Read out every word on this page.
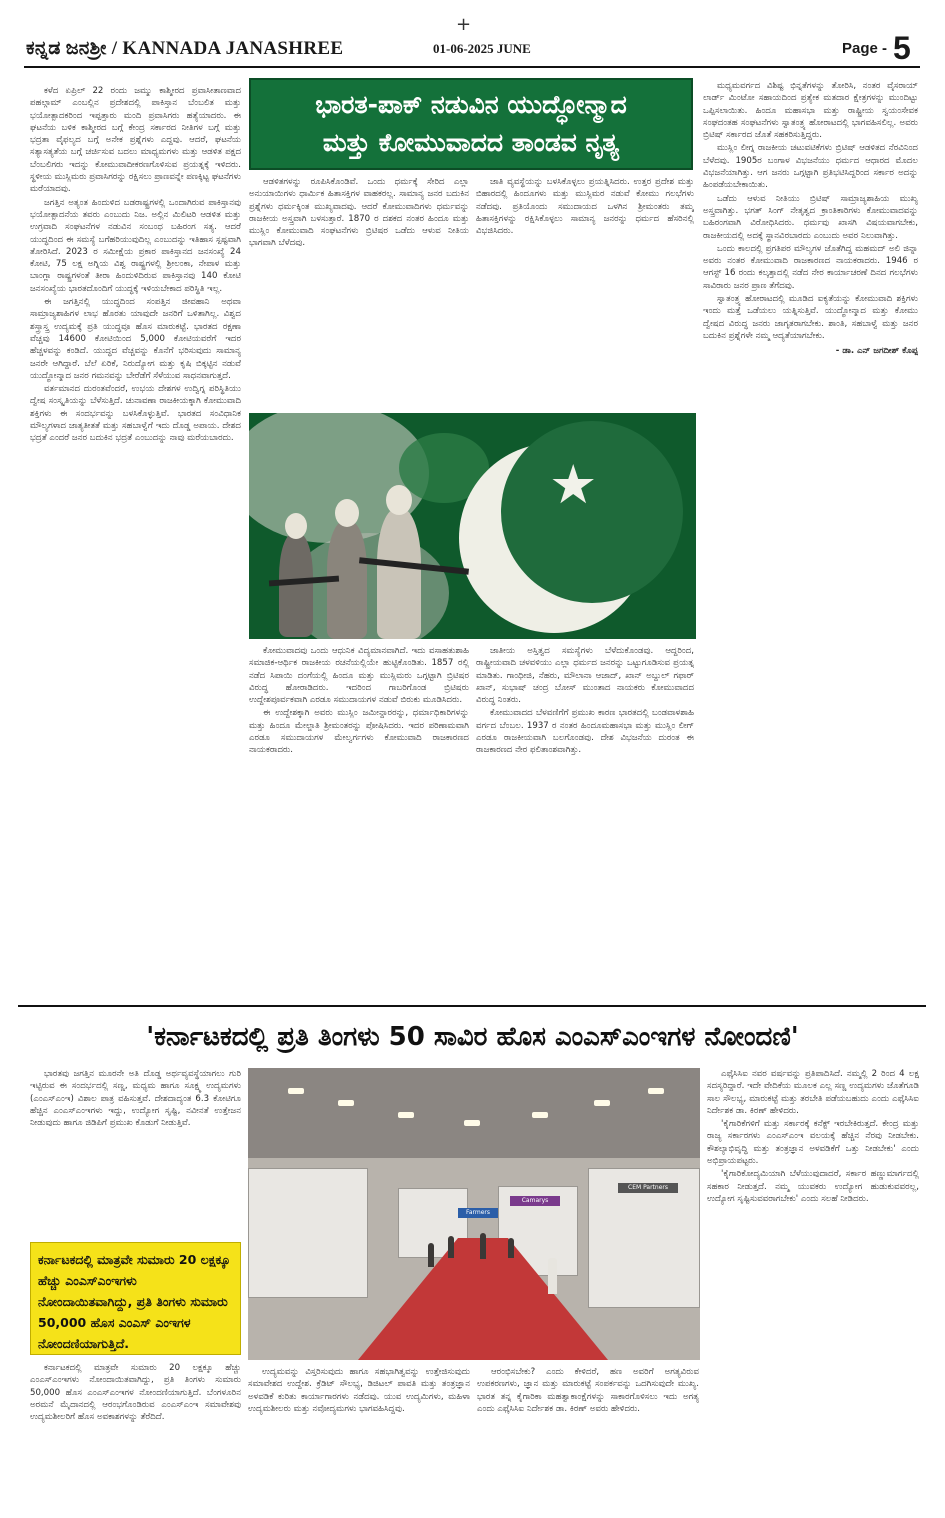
+
ಕನ್ನಡ ಜನಶ್ರೀ / KANNADA JANASHREE	01-06-2025 JUNE	Page - 5
ಭಾರತ-ಪಾಕ್ ನಡುವಿನ ಯುದ್ಧೋನ್ಮಾದ
ಮತ್ತು ಕೋಮುವಾದದ ತಾಂಡವ ನೃತ್ಯ

ಕಳೆದ ಏಪ್ರಿಲ್ 22 ರಂದು ಜಮ್ಮು ಕಾಶ್ಮೀರದ ಪ್ರವಾಸೀತಾಣವಾದ ಪಹಲ್ಗಾಮ್ ಎಂಬಲ್ಲಿನ ಪ್ರದೇಶದಲ್ಲಿ ಪಾಕಿಸ್ತಾನ ಬೆಂಬಲಿತ ಮತ್ತು ಭಯೋತ್ಪಾದಕರಿಂದ ಇಪ್ಪತ್ತಾರು ಮಂದಿ ಪ್ರವಾಸಿಗರು ಹತ್ಯೆಯಾದರು. ಈ ಘಟನೆಯ ಬಳಿಕ ಕಾಶ್ಮೀರದ ಬಗ್ಗೆ ಕೇಂದ್ರ ಸರ್ಕಾರದ ನೀತಿಗಳ ಬಗ್ಗೆ ಮತ್ತು ಭದ್ರತಾ ವೈಫಲ್ಯದ ಬಗ್ಗೆ ಅನೇಕ ಪ್ರಶ್ನೆಗಳು ಎದ್ದವು. ಆದರೆ, ಘಟನೆಯ ಸತ್ಯಾಸತ್ಯತೆಯ ಬಗ್ಗೆ ಚರ್ಚಿಸುವ ಬದಲು ಮಾಧ್ಯಮಗಳು ಮತ್ತು ಆಡಳಿತ ಪಕ್ಷದ ಬೆಂಬಲಿಗರು ಇದನ್ನು ಕೋಮುವಾದೀಕರಣಗೊಳಿಸುವ ಪ್ರಯತ್ನಕ್ಕೆ ಇಳಿದರು. ಸ್ಥಳೀಯ ಮುಸ್ಲಿಮರು ಪ್ರವಾಸಿಗರನ್ನು ರಕ್ಷಿಸಲು ಪ್ರಾಣವನ್ನೇ ಪಣಕ್ಕಿಟ್ಟ ಘಟನೆಗಳು ಮರೆಯಾದವು.

ಜಗತ್ತಿನ ಅತ್ಯಂತ ಹಿಂದುಳಿದ ಬಡರಾಷ್ಟ್ರಗಳಲ್ಲಿ ಒಂದಾಗಿರುವ ಪಾಕಿಸ್ತಾನವು ಭಯೋತ್ಪಾದನೆಯ ತವರು ಎಂಬುದು ನಿಜ. ಅಲ್ಲಿನ ಮಿಲಿಟರಿ ಆಡಳಿತ ಮತ್ತು ಉಗ್ರವಾದಿ ಸಂಘಟನೆಗಳ ನಡುವಿನ ಸಂಬಂಧ ಬಹಿರಂಗ ಸತ್ಯ. ಆದರೆ ಯುದ್ಧದಿಂದ ಈ ಸಮಸ್ಯೆ ಬಗೆಹರಿಯುವುದಿಲ್ಲ ಎಂಬುದನ್ನು ಇತಿಹಾಸ ಸ್ಪಷ್ಟವಾಗಿ ತೋರಿಸಿದೆ. 2023 ರ ಸಮೀಕ್ಷೆಯ ಪ್ರಕಾರ ಪಾಕಿಸ್ತಾನದ ಜನಸಂಖ್ಯೆ 24 ಕೋಟಿ, 75 ಲಕ್ಷ ಅಗ್ನಿಯ ವಿಶ್ವ ರಾಷ್ಟ್ರಗಳಲ್ಲಿ ಶ್ರೀಲಂಕಾ, ನೇಪಾಳ ಮತ್ತು ಬಾಂಗ್ಲಾ ರಾಷ್ಟ್ರಗಳಂತೆ ತೀರಾ ಹಿಂದುಳಿದಿರುವ ಪಾಕಿಸ್ತಾನವು 140 ಕೋಟಿ ಜನಸಂಖ್ಯೆಯ ಭಾರತದೊಂದಿಗೆ ಯುದ್ಧಕ್ಕೆ ಇಳಿಯಬೇಕಾದ ಪರಿಸ್ಥಿತಿ ಇಲ್ಲ.

ಈ ಜಗತ್ತಿನಲ್ಲಿ ಯುದ್ಧದಿಂದ ಸಂಪತ್ತಿನ ಜೀವಹಾನಿ ಅಥವಾ ಸಾಮ್ರಾಜ್ಯಶಾಹಿಗಳ ಲಾಭ ಹೊರತು ಯಾವುದೇ ಜನರಿಗೆ ಒಳಿತಾಗಿಲ್ಲ. ವಿಶ್ವದ ಶಸ್ತ್ರಾಸ್ತ್ರ ಉದ್ಯಮಕ್ಕೆ ಪ್ರತಿ ಯುದ್ಧವೂ ಹೊಸ ಮಾರುಕಟ್ಟೆ. ಭಾರತದ ರಕ್ಷಣಾ ವೆಚ್ಚವು 14600 ಕೋಟಿಯಿಂದ 5,000 ಕೋಟಿಯವರೆಗೆ ಇದರ ಹೆಚ್ಚಳವನ್ನು ಕಂಡಿದೆ. ಯುದ್ಧದ ವೆಚ್ಚವನ್ನು ಕೊನೆಗೆ ಭರಿಸುವುದು ಸಾಮಾನ್ಯ ಜನರೇ ಆಗಿದ್ದಾರೆ. ಬೆಲೆ ಏರಿಕೆ, ನಿರುದ್ಯೋಗ ಮತ್ತು ಕೃಷಿ ಬಿಕ್ಕಟ್ಟಿನ ನಡುವೆ ಯುದ್ಧೋನ್ಮಾದ ಜನರ ಗಮನವನ್ನು ಬೇರೆಡೆಗೆ ಸೆಳೆಯುವ ಸಾಧನವಾಗುತ್ತದೆ.

ವರ್ತಮಾನದ ದುರಂತವೆಂದರೆ, ಉಭಯ ದೇಶಗಳ ಉದ್ವಿಗ್ನ ಪರಿಸ್ಥಿತಿಯು ದ್ವೇಷ ಸಂಸ್ಕೃತಿಯನ್ನು ಬೆಳೆಸುತ್ತಿದೆ. ಚುನಾವಣಾ ರಾಜಕೀಯಕ್ಕಾಗಿ ಕೋಮುವಾದಿ ಶಕ್ತಿಗಳು ಈ ಸಂದರ್ಭವನ್ನು ಬಳಸಿಕೊಳ್ಳುತ್ತಿವೆ. ಭಾರತದ ಸಂವಿಧಾನಿಕ ಮೌಲ್ಯಗಳಾದ ಜಾತ್ಯತೀತತೆ ಮತ್ತು ಸಹಬಾಳ್ವೆಗೆ ಇದು ದೊಡ್ಡ ಅಪಾಯ. ದೇಶದ ಭದ್ರತೆ ಎಂದರೆ ಜನರ ಬದುಕಿನ ಭದ್ರತೆ ಎಂಬುದನ್ನು ನಾವು ಮರೆಯಬಾರದು.

ಆಡಳಿತಗಳನ್ನು ರೂಪಿಸಿಕೊಂಡಿವೆ. ಒಂದು ಧರ್ಮಕ್ಕೆ ಸೇರಿದ ಎಲ್ಲಾ ಅನುಯಾಯಿಗಳು ಧಾರ್ಮಿಕ ಹಿತಾಸಕ್ತಿಗಳ ವಾಹಕರಲ್ಲ. ಸಾಮಾನ್ಯ ಜನರ ಬದುಕಿನ ಪ್ರಶ್ನೆಗಳು ಧರ್ಮಕ್ಕಿಂತ ಮುಖ್ಯವಾದವು. ಆದರೆ ಕೋಮುವಾದಿಗಳು ಧರ್ಮವನ್ನು ರಾಜಕೀಯ ಅಸ್ತ್ರವಾಗಿ ಬಳಸುತ್ತಾರೆ. 1870 ರ ದಶಕದ ನಂತರ ಹಿಂದೂ ಮತ್ತು ಮುಸ್ಲಿಂ ಕೋಮುವಾದಿ ಸಂಘಟನೆಗಳು ಬ್ರಿಟಿಷರ ಒಡೆದು ಆಳುವ ನೀತಿಯ ಭಾಗವಾಗಿ ಬೆಳೆದವು.

ಜಾತಿ ವ್ಯವಸ್ಥೆಯನ್ನು ಬಳಸಿಕೊಳ್ಳಲು ಪ್ರಯತ್ನಿಸಿದರು. ಉತ್ತರ ಪ್ರದೇಶ ಮತ್ತು ಬಿಹಾರದಲ್ಲಿ ಹಿಂದೂಗಳು ಮತ್ತು ಮುಸ್ಲಿಮರ ನಡುವೆ ಕೋಮು ಗಲಭೆಗಳು ನಡೆದವು. ಪ್ರತಿಯೊಂದು ಸಮುದಾಯದ ಒಳಗಿನ ಶ್ರೀಮಂತರು ತಮ್ಮ ಹಿತಾಸಕ್ತಿಗಳನ್ನು ರಕ್ಷಿಸಿಕೊಳ್ಳಲು ಸಾಮಾನ್ಯ ಜನರನ್ನು ಧರ್ಮದ ಹೆಸರಿನಲ್ಲಿ ವಿಭಜಿಸಿದರು.

★

ಕೋಮುವಾದವು ಒಂದು ಆಧುನಿಕ ವಿದ್ಯಮಾನವಾಗಿದೆ. ಇದು ವಸಾಹತುಶಾಹಿ ಸಮಾಜಿಕ-ಆರ್ಥಿಕ ರಾಜಕೀಯ ರಚನೆಯಲ್ಲಿಯೇ ಹುಟ್ಟಿಕೊಂಡಿತು. 1857 ರಲ್ಲಿ ನಡೆದ ಸಿಪಾಯಿ ದಂಗೆಯಲ್ಲಿ ಹಿಂದೂ ಮತ್ತು ಮುಸ್ಲಿಮರು ಒಗ್ಗಟ್ಟಾಗಿ ಬ್ರಿಟಿಷರ ವಿರುದ್ಧ ಹೋರಾಡಿದರು. ಇದರಿಂದ ಗಾಬರಿಗೊಂಡ ಬ್ರಿಟಿಷರು ಉದ್ದೇಶಪೂರ್ವಕವಾಗಿ ಎರಡೂ ಸಮುದಾಯಗಳ ನಡುವೆ ಬಿರುಕು ಮೂಡಿಸಿದರು.

ಈ ಉದ್ದೇಶಕ್ಕಾಗಿ ಅವರು ಮುಸ್ಲಿಂ ಜಮೀನ್ದಾರರನ್ನು, ಧರ್ಮಾಧಿಕಾರಿಗಳನ್ನು ಮತ್ತು ಹಿಂದೂ ಮೇಲ್ಜಾತಿ ಶ್ರೀಮಂತರನ್ನು ಪೋಷಿಸಿದರು. ಇದರ ಪರಿಣಾಮವಾಗಿ ಎರಡೂ ಸಮುದಾಯಗಳ ಮೇಲ್ವರ್ಗಗಳು ಕೋಮುವಾದಿ ರಾಜಕಾರಣದ ನಾಯಕರಾದರು.

ಜಾತೀಯ ಅಸ್ತಿತ್ವದ ಸಮಸ್ಯೆಗಳು ಬೆಳೆದುಕೊಂಡವು. ಆದ್ದರಿಂದ, ರಾಷ್ಟ್ರೀಯವಾದಿ ಚಳವಳಿಯು ಎಲ್ಲಾ ಧರ್ಮದ ಜನರನ್ನು ಒಟ್ಟುಗೂಡಿಸುವ ಪ್ರಯತ್ನ ಮಾಡಿತು. ಗಾಂಧೀಜಿ, ನೆಹರು, ಮೌಲಾನಾ ಆಜಾದ್, ಖಾನ್ ಅಬ್ದುಲ್ ಗಫಾರ್ ಖಾನ್, ಸುಭಾಷ್ ಚಂದ್ರ ಬೋಸ್ ಮುಂತಾದ ನಾಯಕರು ಕೋಮುವಾದದ ವಿರುದ್ಧ ನಿಂತರು.

ಕೋಮುವಾದದ ಬೆಳವಣಿಗೆಗೆ ಪ್ರಮುಖ ಕಾರಣ ಭಾರತದಲ್ಲಿ ಬಂಡವಾಳಶಾಹಿ ವರ್ಗದ ಬೆಂಬಲ. 1937 ರ ನಂತರ ಹಿಂದೂಮಹಾಸಭಾ ಮತ್ತು ಮುಸ್ಲಿಂ ಲೀಗ್ ಎರಡೂ ರಾಜಕೀಯವಾಗಿ ಬಲಗೊಂಡವು. ದೇಶ ವಿಭಜನೆಯ ದುರಂತ ಈ ರಾಜಕಾರಣದ ನೇರ ಫಲಿತಾಂಶವಾಗಿತ್ತು.

ಮಧ್ಯಮವರ್ಗದ ವಿಶಿಷ್ಟ ಭಿನ್ನತೆಗಳನ್ನು ತೋರಿಸಿ, ನಂತರ ವೈಸರಾಯ್ ಲಾರ್ಡ್ ಮಿಂಟೋ ಸಹಾಯದಿಂದ ಪ್ರತ್ಯೇಕ ಮತದಾರ ಕ್ಷೇತ್ರಗಳನ್ನು ಮುಂದಿಟ್ಟು ಒಪ್ಪಿಸಲಾಯಿತು. ಹಿಂದೂ ಮಹಾಸಭಾ ಮತ್ತು ರಾಷ್ಟ್ರೀಯ ಸ್ವಯಂಸೇವಕ ಸಂಘದಂತಹ ಸಂಘಟನೆಗಳು ಸ್ವಾತಂತ್ರ್ಯ ಹೋರಾಟದಲ್ಲಿ ಭಾಗವಹಿಸಲಿಲ್ಲ. ಅವರು ಬ್ರಿಟಿಷ್ ಸರ್ಕಾರದ ಜೊತೆ ಸಹಕರಿಸುತ್ತಿದ್ದರು.

ಮುಸ್ಲಿಂ ಲೀಗ್ನ ರಾಜಕೀಯ ಚಟುವಟಿಕೆಗಳು ಬ್ರಿಟಿಷ್ ಆಡಳಿತದ ನೆರವಿನಿಂದ ಬೆಳೆದವು. 1905ರ ಬಂಗಾಳ ವಿಭಜನೆಯು ಧರ್ಮದ ಆಧಾರದ ಮೊದಲ ವಿಭಜನೆಯಾಗಿತ್ತು. ಆಗ ಜನರು ಒಗ್ಗಟ್ಟಾಗಿ ಪ್ರತಿಭಟಿಸಿದ್ದರಿಂದ ಸರ್ಕಾರ ಅದನ್ನು ಹಿಂಪಡೆಯಬೇಕಾಯಿತು.

ಒಡೆದು ಆಳುವ ನೀತಿಯು ಬ್ರಿಟಿಷ್ ಸಾಮ್ರಾಜ್ಯಶಾಹಿಯ ಮುಖ್ಯ ಅಸ್ತ್ರವಾಗಿತ್ತು. ಭಗತ್ ಸಿಂಗ್ ನೇತೃತ್ವದ ಕ್ರಾಂತಿಕಾರಿಗಳು ಕೋಮುವಾದವನ್ನು ಬಹಿರಂಗವಾಗಿ ವಿರೋಧಿಸಿದರು. ಧರ್ಮವು ಖಾಸಗಿ ವಿಷಯವಾಗಬೇಕು, ರಾಜಕೀಯದಲ್ಲಿ ಅದಕ್ಕೆ ಸ್ಥಾನವಿರಬಾರದು ಎಂಬುದು ಅವರ ನಿಲುವಾಗಿತ್ತು.

ಒಂದು ಕಾಲದಲ್ಲಿ ಪ್ರಗತಿಪರ ಮೌಲ್ಯಗಳ ಜೊತೆಗಿದ್ದ ಮಹಮದ್ ಅಲಿ ಜಿನ್ನಾ ಅವರು ನಂತರ ಕೋಮುವಾದಿ ರಾಜಕಾರಣದ ನಾಯಕರಾದರು. 1946 ರ ಆಗಸ್ಟ್ 16 ರಂದು ಕಲ್ಕತ್ತಾದಲ್ಲಿ ನಡೆದ ನೇರ ಕಾರ್ಯಾಚರಣೆ ದಿನದ ಗಲಭೆಗಳು ಸಾವಿರಾರು ಜನರ ಪ್ರಾಣ ತೆಗೆದವು.

ಸ್ವಾತಂತ್ರ್ಯ ಹೋರಾಟದಲ್ಲಿ ಮೂಡಿದ ಐಕ್ಯತೆಯನ್ನು ಕೋಮುವಾದಿ ಶಕ್ತಿಗಳು ಇಂದು ಮತ್ತೆ ಒಡೆಯಲು ಯತ್ನಿಸುತ್ತಿವೆ. ಯುದ್ಧೋನ್ಮಾದ ಮತ್ತು ಕೋಮು ದ್ವೇಷದ ವಿರುದ್ಧ ಜನರು ಜಾಗೃತರಾಗಬೇಕು. ಶಾಂತಿ, ಸಹಬಾಳ್ವೆ ಮತ್ತು ಜನರ ಬದುಕಿನ ಪ್ರಶ್ನೆಗಳೇ ನಮ್ಮ ಆದ್ಯತೆಯಾಗಬೇಕು.

- ಡಾ. ಎನ್ ಜಗದೀಶ್ ಕೊಪ್ಪ
'ಕರ್ನಾಟಕದಲ್ಲಿ ಪ್ರತಿ ತಿಂಗಳು 50 ಸಾವಿರ ಹೊಸ ಎಂಎಸ್ಎಂಇಗಳ ನೋಂದಣಿ'

ಭಾರತವು ಜಗತ್ತಿನ ಮೂರನೇ ಅತಿ ದೊಡ್ಡ ಅರ್ಥವ್ಯವಸ್ಥೆಯಾಗಲು ಗುರಿ ಇಟ್ಟಿರುವ ಈ ಸಂದರ್ಭದಲ್ಲಿ ಸಣ್ಣ, ಮಧ್ಯಮ ಹಾಗೂ ಸೂಕ್ಷ್ಮ ಉದ್ಯಮಗಳು (ಎಂಎಸ್ಎಂಇ) ವಿಶಾಲ ಪಾತ್ರ ವಹಿಸುತ್ತವೆ. ದೇಶದಾದ್ಯಂತ 6.3 ಕೋಟಿಗೂ ಹೆಚ್ಚಿನ ಎಂಎಸ್ಎಂಇಗಳು ಇದ್ದು, ಉದ್ಯೋಗ ಸೃಷ್ಟಿ, ನವೀನತೆ ಉತ್ತೇಜನ ನೀಡುವುದು ಹಾಗೂ ಜಿಡಿಪಿಗೆ ಪ್ರಮುಖ ಕೊಡುಗೆ ನೀಡುತ್ತಿವೆ.

ಕರ್ನಾಟಕದಲ್ಲಿ ಮಾತ್ರವೇ ಸುಮಾರು 20 ಲಕ್ಷಕ್ಕೂ ಹೆಚ್ಚು ಎಂಎಸ್ಎಂಇಗಳು ನೋಂದಾಯಿತವಾಗಿದ್ದು, ಪ್ರತಿ ತಿಂಗಳು ಸುಮಾರು 50,000 ಹೊಸ ಎಂಎಸ್ ಎಂಇಗಳ ನೋಂದಣಿಯಾಗುತ್ತಿದೆ.

ಕರ್ನಾಟಕದಲ್ಲಿ ಮಾತ್ರವೇ ಸುಮಾರು 20 ಲಕ್ಷಕ್ಕೂ ಹೆಚ್ಚು ಎಂಎಸ್ಎಂಇಗಳು ನೋಂದಾಯಿತವಾಗಿದ್ದು, ಪ್ರತಿ ತಿಂಗಳು ಸುಮಾರು 50,000 ಹೊಸ ಎಂಎಸ್ಎಂಇಗಳ ನೋಂದಣಿಯಾಗುತ್ತಿದೆ. ಬೆಂಗಳೂರಿನ ಅರಮನೆ ಮೈದಾನದಲ್ಲಿ ಆರಂಭಗೊಂಡಿರುವ ಎಂಎಸ್ಎಂಇ ಸಮಾವೇಶವು ಉದ್ಯಮಶೀಲರಿಗೆ ಹೊಸ ಅವಕಾಶಗಳನ್ನು ತೆರೆದಿದೆ.

Farmers
Camarys
CEM Partners

ಉದ್ಯಮವನ್ನು ವಿಸ್ತರಿಸುವುದು ಹಾಗೂ ಸಹಭಾಗಿತ್ವವನ್ನು ಉತ್ತೇಜಿಸುವುದು ಸಮಾವೇಶದ ಉದ್ದೇಶ. ಕ್ರೆಡಿಟ್ ಸೌಲಭ್ಯ, ಡಿಜಿಟಲ್ ಪಾವತಿ ಮತ್ತು ತಂತ್ರಜ್ಞಾನ ಅಳವಡಿಕೆ ಕುರಿತು ಕಾರ್ಯಾಗಾರಗಳು ನಡೆದವು. ಯುವ ಉದ್ಯಮಿಗಳು, ಮಹಿಳಾ ಉದ್ಯಮಶೀಲರು ಮತ್ತು ನವೋದ್ಯಮಗಳು ಭಾಗವಹಿಸಿದ್ದವು.

ಆರಂಭಿಸಬೇಕು? ಎಂದು ಕೇಳಿದರೆ, ಹಣ ಅವರಿಗೆ ಅಗತ್ಯವಿರುವ ಉಪಕರಣಗಳು, ಜ್ಞಾನ ಮತ್ತು ಮಾರುಕಟ್ಟೆ ಸಂಪರ್ಕವನ್ನು ಒದಗಿಸುವುದೇ ಮುಖ್ಯ. ಭಾರತ ತನ್ನ ಕೈಗಾರಿಕಾ ಮಹತ್ವಾಕಾಂಕ್ಷೆಗಳನ್ನು ಸಾಕಾರಗೊಳಿಸಲು ಇದು ಅಗತ್ಯ ಎಂದು ಎಫ್ಕೆಸಿಸಿಐ ನಿರ್ದೇಶಕ ಡಾ. ಕಿರಣ್ ಅವರು ಹೇಳಿದರು.

ಎಫ್ಕೆಸಿಸಿಐ ನವರ ವರ್ಷವನ್ನು ಪ್ರತಿಪಾದಿಸಿದೆ. ನಮ್ಮಲ್ಲಿ 2 ರಿಂದ 4 ಲಕ್ಷ ಸದಸ್ಯರಿದ್ದಾರೆ. ಇದೇ ವೇದಿಕೆಯ ಮೂಲಕ ಎಲ್ಲ ಸಣ್ಣ ಉದ್ಯಮಗಳು ಜೊತೆಗೂಡಿ ಸಾಲ ಸೌಲಭ್ಯ, ಮಾರುಕಟ್ಟೆ ಮತ್ತು ತರಬೇತಿ ಪಡೆಯಬಹುದು ಎಂದು ಎಫ್ಕೆಸಿಸಿಐ ನಿರ್ದೇಶಕ ಡಾ. ಕಿರಣ್ ಹೇಳಿದರು.

'ಕೈಗಾರಿಕೆಗಳಿಗೆ ಮತ್ತು ಸರ್ಕಾರಕ್ಕೆ ಕನೆಕ್ಟ್ ಇರಬೇಕಿರುತ್ತದೆ. ಕೇಂದ್ರ ಮತ್ತು ರಾಜ್ಯ ಸರ್ಕಾರಗಳು ಎಂಎಸ್ಎಂಇ ವಲಯಕ್ಕೆ ಹೆಚ್ಚಿನ ನೆರವು ನೀಡಬೇಕು. ಕೌಶಲ್ಯಾಭಿವೃದ್ಧಿ ಮತ್ತು ತಂತ್ರಜ್ಞಾನ ಅಳವಡಿಕೆಗೆ ಒತ್ತು ನೀಡಬೇಕು' ಎಂದು ಅಭಿಪ್ರಾಯಪಟ್ಟರು.

'ಕೈಗಾರಿಕೋದ್ಯಮಿಯಾಗಿ ಬೆಳೆಯುವುದಾದರೆ, ಸರ್ಕಾರ ಹಣ್ಣುಮಾರ್ಗದಲ್ಲಿ ಸಹಕಾರ ನೀಡುತ್ತದೆ. ನಮ್ಮ ಯುವಕರು ಉದ್ಯೋಗ ಹುಡುಕುವವರಲ್ಲ, ಉದ್ಯೋಗ ಸೃಷ್ಟಿಸುವವರಾಗಬೇಕು' ಎಂದು ಸಲಹೆ ನೀಡಿದರು.
